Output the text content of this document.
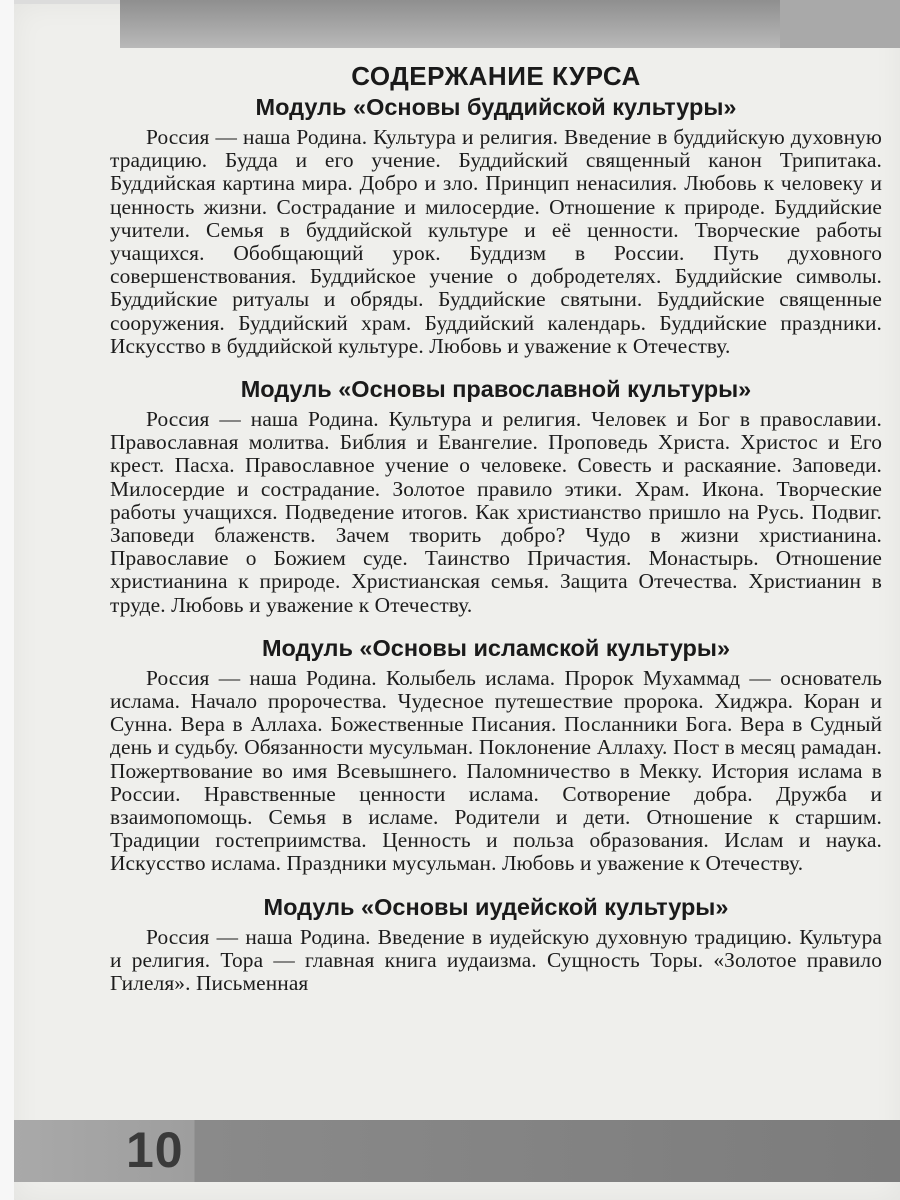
СОДЕРЖАНИЕ КУРСА
Модуль «Основы буддийской культуры»

Россия — наша Родина. Культура и религия. Введение в буддийскую духовную традицию. Будда и его учение. Буддийский священный канон Трипитака. Буддийская картина мира. Добро и зло. Принцип ненасилия. Любовь к человеку и ценность жизни. Сострадание и милосердие. Отношение к природе. Буддийские учители. Семья в буддийской культуре и её ценности. Творческие работы учащихся. Обобщающий урок. Буддизм в России. Путь духовного совершенствования. Буддийское учение о добродетелях. Буддийские символы. Буддийские ритуалы и обряды. Буддийские святыни. Буддийские священные сооружения. Буддийский храм. Буддийский календарь. Буддийские праздники. Искусство в буддийской культуре. Любовь и уважение к Отечеству.

Модуль «Основы православной культуры»

Россия — наша Родина. Культура и религия. Человек и Бог в православии. Православная молитва. Библия и Евангелие. Проповедь Христа. Христос и Его крест. Пасха. Православное учение о человеке. Совесть и раскаяние. Заповеди. Милосердие и сострадание. Золотое правило этики. Храм. Икона. Творческие работы учащихся. Подведение итогов. Как христианство пришло на Русь. Подвиг. Заповеди блаженств. Зачем творить добро? Чудо в жизни христианина. Православие о Божием суде. Таинство Причастия. Монастырь. Отношение христианина к природе. Христианская семья. Защита Отечества. Христианин в труде. Любовь и уважение к Отечеству.

Модуль «Основы исламской культуры»

Россия — наша Родина. Колыбель ислама. Пророк Мухаммад — основатель ислама. Начало пророчества. Чудесное путешествие пророка. Хиджра. Коран и Сунна. Вера в Аллаха. Божественные Писания. Посланники Бога. Вера в Судный день и судьбу. Обязанности мусульман. Поклонение Аллаху. Пост в месяц рамадан. Пожертвование во имя Всевышнего. Паломничество в Мекку. История ислама в России. Нравственные ценности ислама. Сотворение добра. Дружба и взаимопомощь. Семья в исламе. Родители и дети. Отношение к старшим. Традиции гостеприимства. Ценность и польза образования. Ислам и наука. Искусство ислама. Праздники мусульман. Любовь и уважение к Отечеству.

Модуль «Основы иудейской культуры»

Россия — наша Родина. Введение в иудейскую духовную традицию. Культура и религия. Тора — главная книга иудаизма. Сущность Торы. «Золотое правило Гилеля». Письменная

10
